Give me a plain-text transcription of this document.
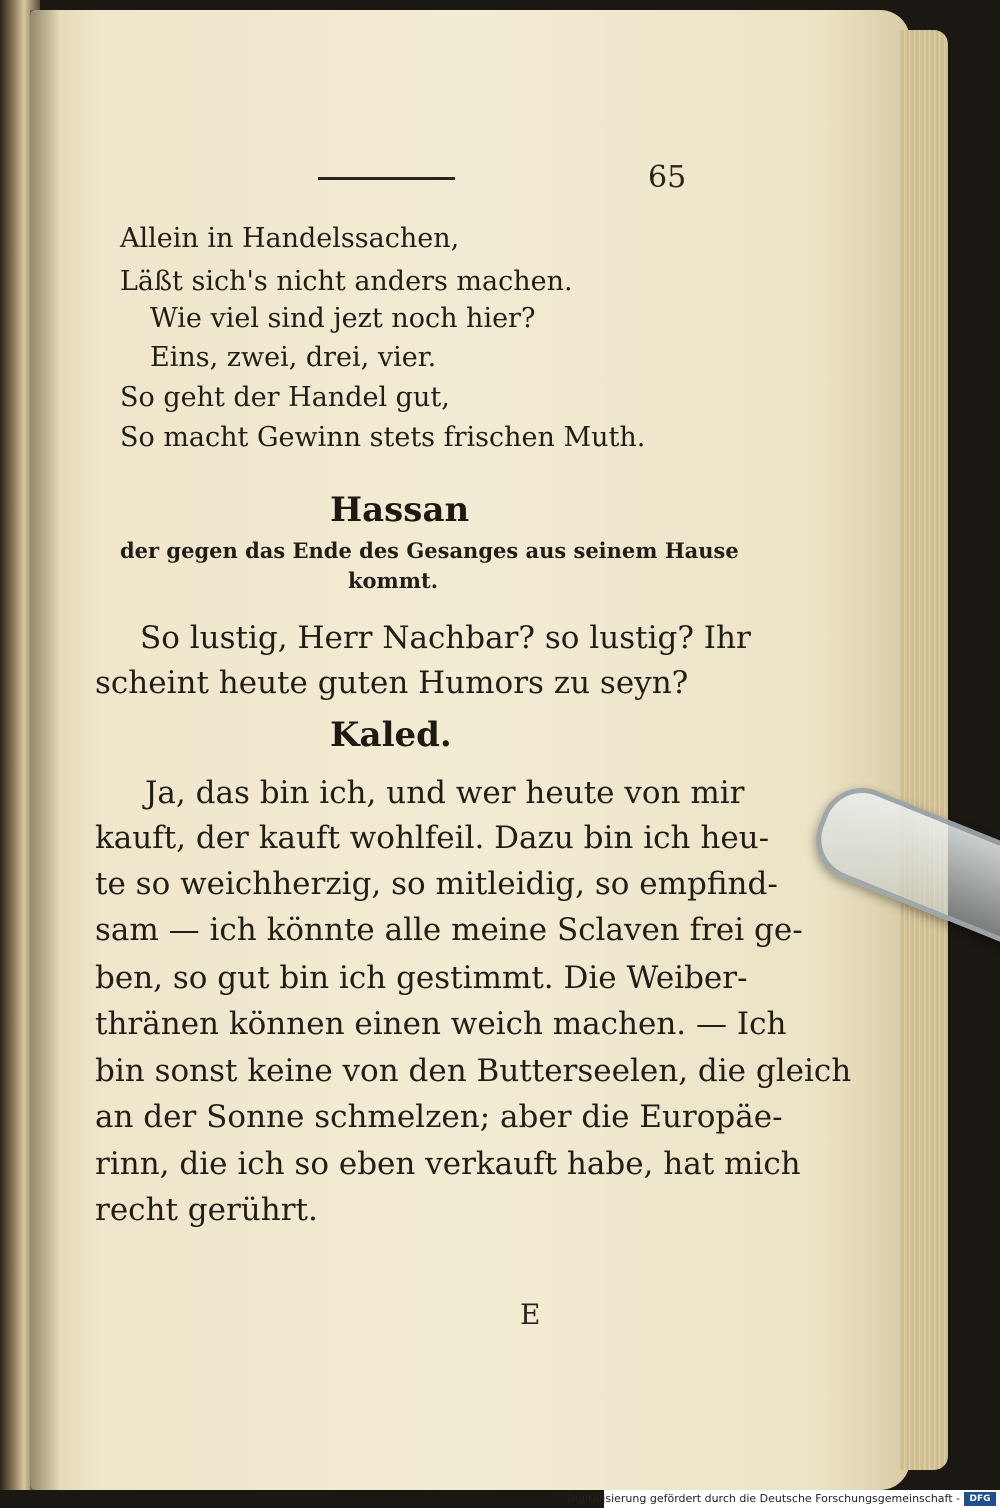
65
Allein in Handelssachen,
Läßt sich's nicht anders machen.
Wie viel sind jezt noch hier?
Eins, zwei, drei, vier.
So geht der Handel gut,
So macht Gewinn stets frischen Muth.
Hassan
der gegen das Ende des Gesanges aus seinem Hause
kommt.
So lustig, Herr Nachbar? so lustig? Ihr
scheint heute guten Humors zu seyn?
Kaled.
Ja, das bin ich, und wer heute von mir
kauft, der kauft wohlfeil. Dazu bin ich heu-
te so weichherzig, so mitleidig, so empfind-
sam — ich könnte alle meine Sclaven frei ge-
ben, so gut bin ich gestimmt. Die Weiber-
thränen können einen weich machen. — Ich
bin sonst keine von den Butterseelen, die gleich
an der Sonne schmelzen; aber die Europäe-
rinn, die ich so eben verkauft habe, hat mich
recht gerührt.
E
Digitalisierung gefördert durch die Deutsche Forschungsgemeinschaft -	DFG
